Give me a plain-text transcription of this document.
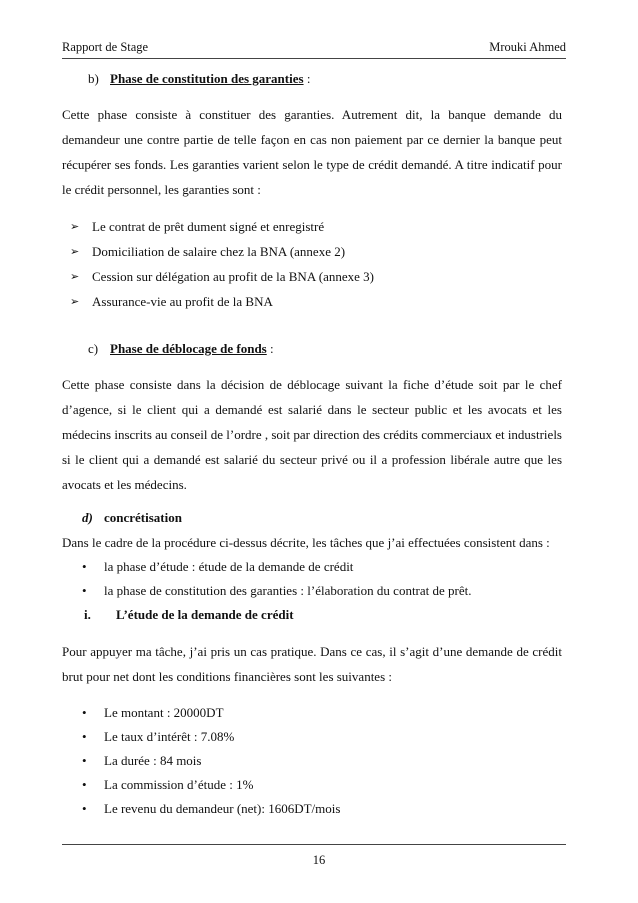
Rapport de Stage	Mrouki Ahmed
b) Phase de constitution des garanties :

Cette phase consiste à constituer des garanties. Autrement dit, la banque demande du demandeur une contre partie de telle façon en cas non paiement par ce dernier la banque peut récupérer ses fonds. Les garanties varient selon le type de crédit demandé. A titre indicatif pour le crédit personnel, les garanties sont :

➢ Le contrat de prêt dument signé et enregistré
➢ Domiciliation de salaire chez la BNA (annexe 2)
➢ Cession sur délégation au profit de la BNA (annexe 3)
➢ Assurance-vie au profit de la BNA
c) Phase de déblocage de fonds :

Cette phase consiste dans la décision de déblocage suivant la fiche d’étude soit par le chef d’agence, si le client qui a demandé est salarié dans le secteur public et les avocats et les médecins inscrits au conseil de l’ordre , soit par direction des crédits commerciaux et industriels si le client qui a demandé est salarié du secteur privé ou il a profession libérale autre que les avocats et les médecins.

d) concrétisation

Dans le cadre de la procédure ci-dessus décrite, les tâches que j’ai effectuées consistent dans :

•	la phase d’étude : étude de la demande de crédit
•	la phase de constitution des garanties : l’élaboration du contrat de prêt.
i.	L’étude de la demande de crédit

Pour appuyer ma tâche, j’ai pris un cas pratique. Dans ce cas, il s’agit d’une demande de crédit brut pour net dont les conditions financières sont les suivantes :

•	Le montant : 20000DT
•	Le taux d’intérêt : 7.08%
•	La durée : 84 mois
•	La commission d’étude : 1%
•	Le revenu du demandeur (net): 1606DT/mois
16
